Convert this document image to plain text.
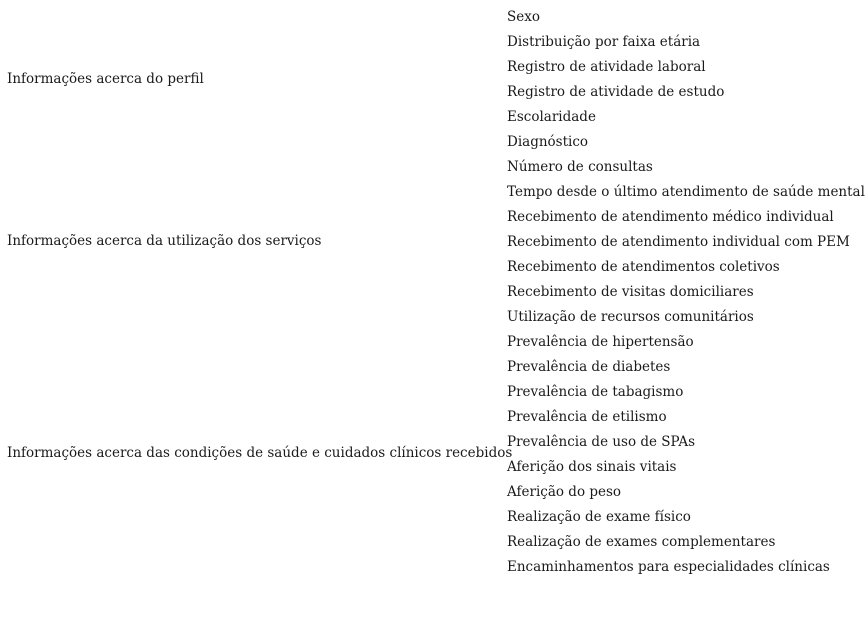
Informações acerca do perfil
Informações acerca da utilização dos serviços
Informações acerca das condições de saúde e cuidados clínicos recebidos
Sexo
Distribuição por faixa etária
Registro de atividade laboral
Registro de atividade de estudo
Escolaridade
Diagnóstico
Número de consultas
Tempo desde o último atendimento de saúde mental
Recebimento de atendimento médico individual
Recebimento de atendimento individual com PEM
Recebimento de atendimentos coletivos
Recebimento de visitas domiciliares
Utilização de recursos comunitários
Prevalência de hipertensão
Prevalência de diabetes
Prevalência de tabagismo
Prevalência de etilismo
Prevalência de uso de SPAs
Aferição dos sinais vitais
Aferição do peso
Realização de exame físico
Realização de exames complementares
Encaminhamentos para especialidades clínicas
